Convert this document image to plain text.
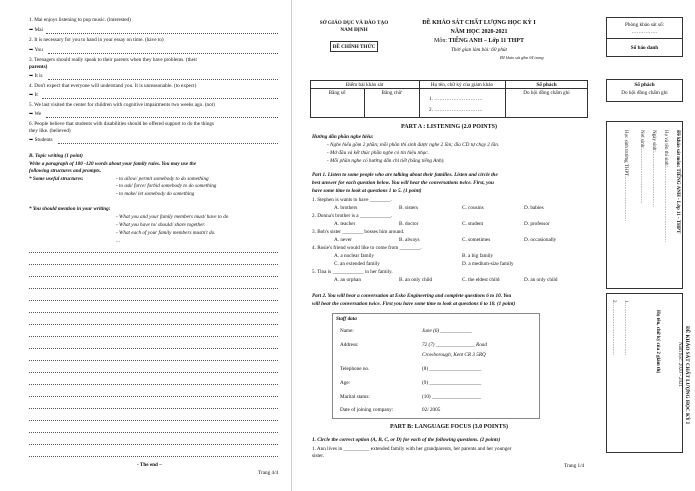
1. Mai enjoys listening to pop music. (interested)
➥ Mai
2. It is necessary for you to hand in your essay on time. (have to)
➥ You
3. Teenagers should really speak to their parents when they have problems. (their
parents)
➥ It is
4. Don't expect that everyone will understand you. It is unreasonable. (to expect)
➥ It
5. We last visited the center for children with cognitive impairments two weeks ago. (not)
➥ We
6. People believe that students with disabilities should be offered support to do the things
they like. (believed)
➥ Students
B. Topic writing (1 point)
Write a paragraph of 100 -120 words about your family rules. You may use the
following structures and prompts.
* Some useful structures:	- to allow/ permit somebody to do something
- to ask/ force/ forbid somebody to do something
- to make/ let somebody do something
* You should mention in your writing:
- What you and your family members must/ have to do
- What you have to/ should/ share together.
- What each of your family members mustn't do.
...
- The end –
Trang 4/4
SỞ GIÁO DỤC VÀ ĐÀO TẠO
NAM ĐỊNH
ĐỀ CHÍNH THỨC
ĐỀ KHẢO SÁT CHẤT LƯỢNG HỌC KỲ I
NĂM HỌC 2020-2021
Môn: TIẾNG ANH – Lớp 11 THPT
Thời gian làm bài: 60 phút
Đề khảo sát gồm 04 trang
Điểm bài khảo sát	Họ tên, chữ ký của giám khảo	Số phách
Bằng số	Bằng chữ
1. ……………………….
2. ……………………….
Do hội đồng chấm ghi
PART A : LISTENING (2.0 POINTS)
Hướng dẫn phần nghe hiểu:
- Nghe hiểu gồm 2 phần; mỗi phần thí sinh được nghe 2 lần; đĩa CD tự chạy 2 lần.
- Mở đầu và kết thúc phần nghe có tín hiệu nhạc.
- Mỗi phần nghe có hướng dẫn chỉ tiết (bằng tiếng Anh).
Part 1. Listen to some people who are talking about their families. Listen and circle the
best answer for each question below. You will hear the conversations twice. First, you
have some time to look at questions 1 to 5. (1 point)
1. Stephen is wants to have ________.
A. brothers	B. sisters	C. cousins	D. babies
2. Donna's brother is a ____________.
A. teacher	B. doctor	C. student	D. professor
3. Bob's sister ________ bosses him around.
A. never	B. always	C. sometimes	D. occasionally
4. Rosie's friend would like to come from ________.
A. a nuclear family	B. a big family
C. an extended family	D. a medium-size family
5. Tina is ____________ in her family.
A. an orphan	B. an only child	C. the eldest child	D. an only child
Part 2. You will hear a conversation at Esko Engineering and complete questions 6 to 10. You
will hear the conversation twice. First you have some time to look at questions 6 to 10. (1 point)
Staff data
Name:	June (6) ____________
Address:	72 (7) _______________ Road
Crowborough, Kent CR 3 5RQ
Telephone no.	(8) ____________________
Age:	(9) ____________________
Marital status:	(10) ___________________
Date of joining company:	02/ 2005
PART B: LANGUAGE FOCUS (3.0 POINTS)
1. Circle the correct option (A, B, C, or D) for each of the following questions. (2 points)
1. Ann lives in __________ extended family with her grandparents, her parents and her younger
sister.
Trang 1/4
Phòng khảo sát số:
……………
Số báo danh
Số phách
Do hội đồng chấm ghi
Đề khảo sát môn: TIẾNG ANH - Lớp 11 - THPT
Họ và tên thí sinh:………………………………………
Ngày sinh:……………………………
Nơi sinh:……………………………
Học sinh trường THPT………………………
ĐỀ KHẢO SÁT CHẤT LƯỢNG HỌC KỲ I
Năm học: 2020 - 2021
Họ tên, chữ ký của 2 giám thị
1. …………………………
2. …………………………
